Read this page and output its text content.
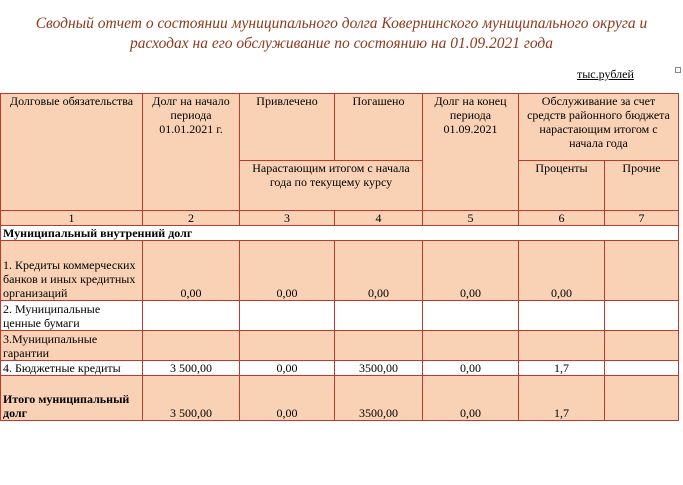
Сводный отчет о состоянии муниципального долга Ковернинского муниципального округа и
расходах на его обслуживание по состоянию на 01.09.2021 года
тыс.рублей
Долговые обязательства	Долг на начало периода 01.01.2021 г.	Привлечено	Погашено	Долг на конец периода 01.09.2021	Обслуживание за счет средств районного бюджета нарастающим итогом с начала года	
		Нарастающим итогом с начала года по текущему курсу			Проценты	Прочие
1	2	3	4	5	6	7
Муниципальный внутренний долг						
1. Кредиты коммерческих банков и иных кредитных организаций	0,00	0,00	0,00	0,00	0,00	
2. Муниципальные ценные бумаги						
3.Муниципальные гарантии						
4. Бюджетные кредиты	3 500,00	0,00	3500,00	0,00	1,7	
Итого муниципальный долг	3 500,00	0,00	3500,00	0,00	1,7	
